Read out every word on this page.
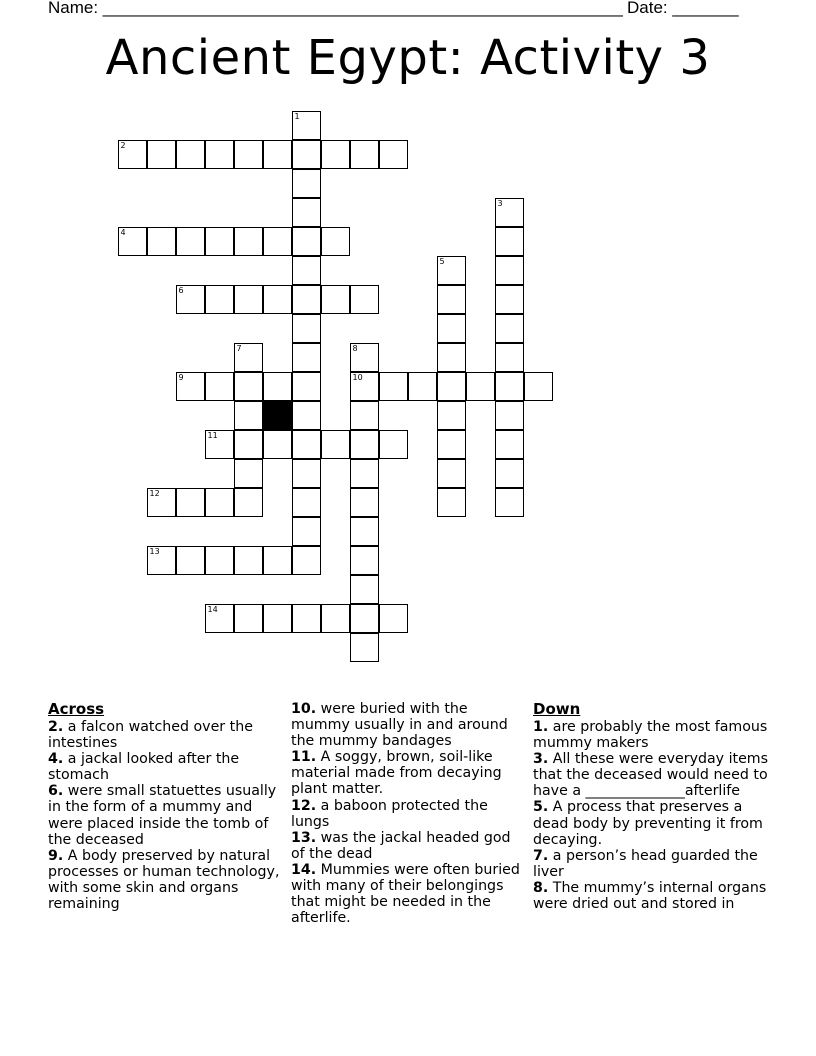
Name: _______________________________________________________ Date: _______
Ancient Egypt: Activity 3
1
2
3
4
5
6
7	8
10
9
11
12
13
14
Across

2. a falcon watched over the intestines

4. a jackal looked after the stomach

6. were small statuettes usually in the form of a mummy and were placed inside the tomb of the deceased

9. A body preserved by natural processes or human technology, with some skin and organs remaining

10. were buried with the mummy usually in and around the mummy bandages

11. A soggy, brown, soil-like material made from decaying plant matter.

12. a baboon protected the lungs

13. was the jackal headed god of the dead

14. Mummies were often buried with many of their belongings that might be needed in the afterlife.

Down

1. are probably the most famous mummy makers

3. All these were everyday items that the deceased would need to have a ______________afterlife

5. A process that preserves a dead body by preventing it from decaying.

7. a person’s head guarded the liver

8. The mummy’s internal organs were dried out and stored in
